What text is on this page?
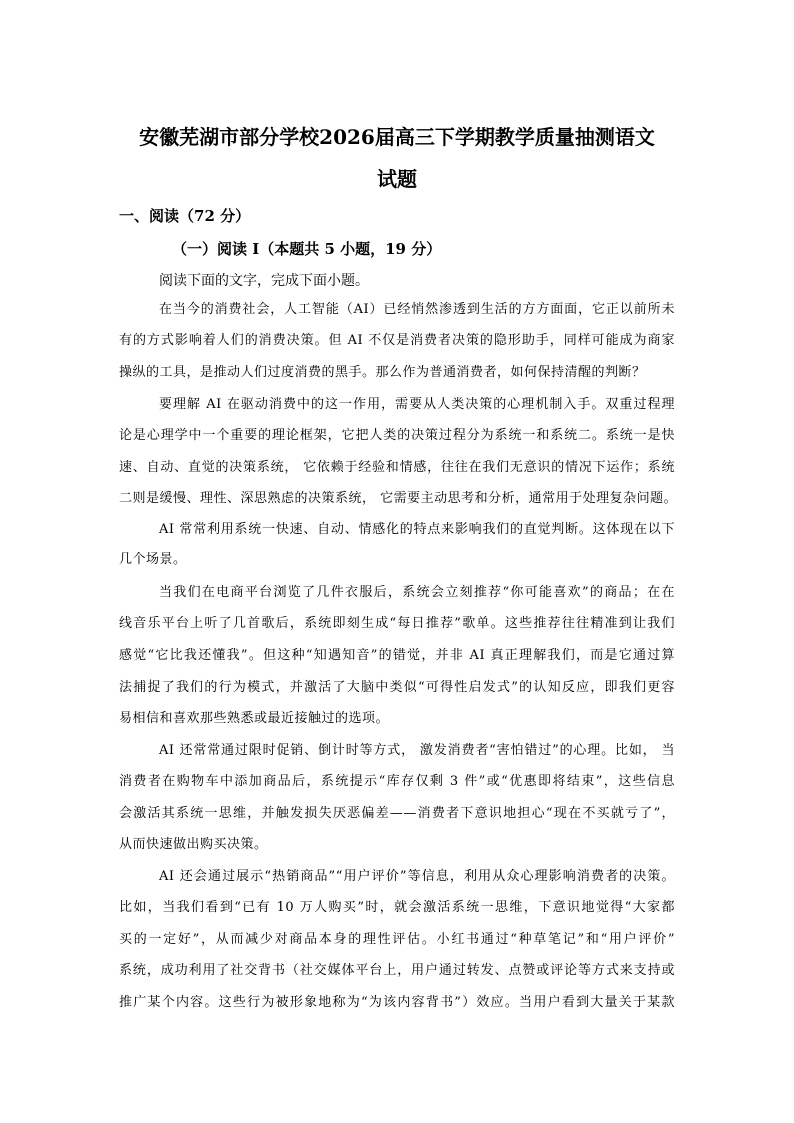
安徽芜湖市部分学校2026届高三下学期教学质量抽测语文
试题
一、阅读（72 分）
（一）阅读 I（本题共 5 小题，19 分）
阅读下面的文字，完成下面小题。
在当今的消费社会，人工智能（AI）已经悄然渗透到生活的方方面面，它正以前所未
有的方式影响着人们的消费决策。但 AI 不仅是消费者决策的隐形助手，同样可能成为商家
操纵的工具，是推动人们过度消费的黑手。那么作为普通消费者，如何保持清醒的判断？
要理解 AI 在驱动消费中的这一作用，需要从人类决策的心理机制入手。双重过程理
论是心理学中一个重要的理论框架，它把人类的决策过程分为系统一和系统二。系统一是快
速、自动、直觉的决策系统， 它依赖于经验和情感，往往在我们无意识的情况下运作；系统
二则是缓慢、理性、深思熟虑的决策系统， 它需要主动思考和分析，通常用于处理复杂问题。
AI 常常利用系统一快速、自动、情感化的特点来影响我们的直觉判断。这体现在以下
几个场景。
当我们在电商平台浏览了几件衣服后，系统会立刻推荐“你可能喜欢”的商品；在在
线音乐平台上听了几首歌后，系统即刻生成“每日推荐”歌单。这些推荐往往精准到让我们
感觉“它比我还懂我”。但这种“知遇知音”的错觉，并非 AI 真正理解我们，而是它通过算
法捕捉了我们的行为模式，并激活了大脑中类似“可得性启发式”的认知反应，即我们更容
易相信和喜欢那些熟悉或最近接触过的选项。
AI 还常常通过限时促销、倒计时等方式， 激发消费者“害怕错过”的心理。比如， 当
消费者在购物车中添加商品后，系统提示“库存仅剩 3 件”或“优惠即将结束”，这些信息
会激活其系统一思维，并触发损失厌恶偏差——消费者下意识地担心“现在不买就亏了”，
从而快速做出购买决策。
AI 还会通过展示“热销商品”“用户评价”等信息，利用从众心理影响消费者的决策。
比如，当我们看到“已有 10 万人购买”时，就会激活系统一思维，下意识地觉得“大家都
买的一定好”，从而减少对商品本身的理性评估。小红书通过“种草笔记”和“用户评价”
系统，成功利用了社交背书（社交媒体平台上，用户通过转发、点赞或评论等方式来支持或
推广某个内容。这些行为被形象地称为“为该内容背书”）效应。当用户看到大量关于某款
